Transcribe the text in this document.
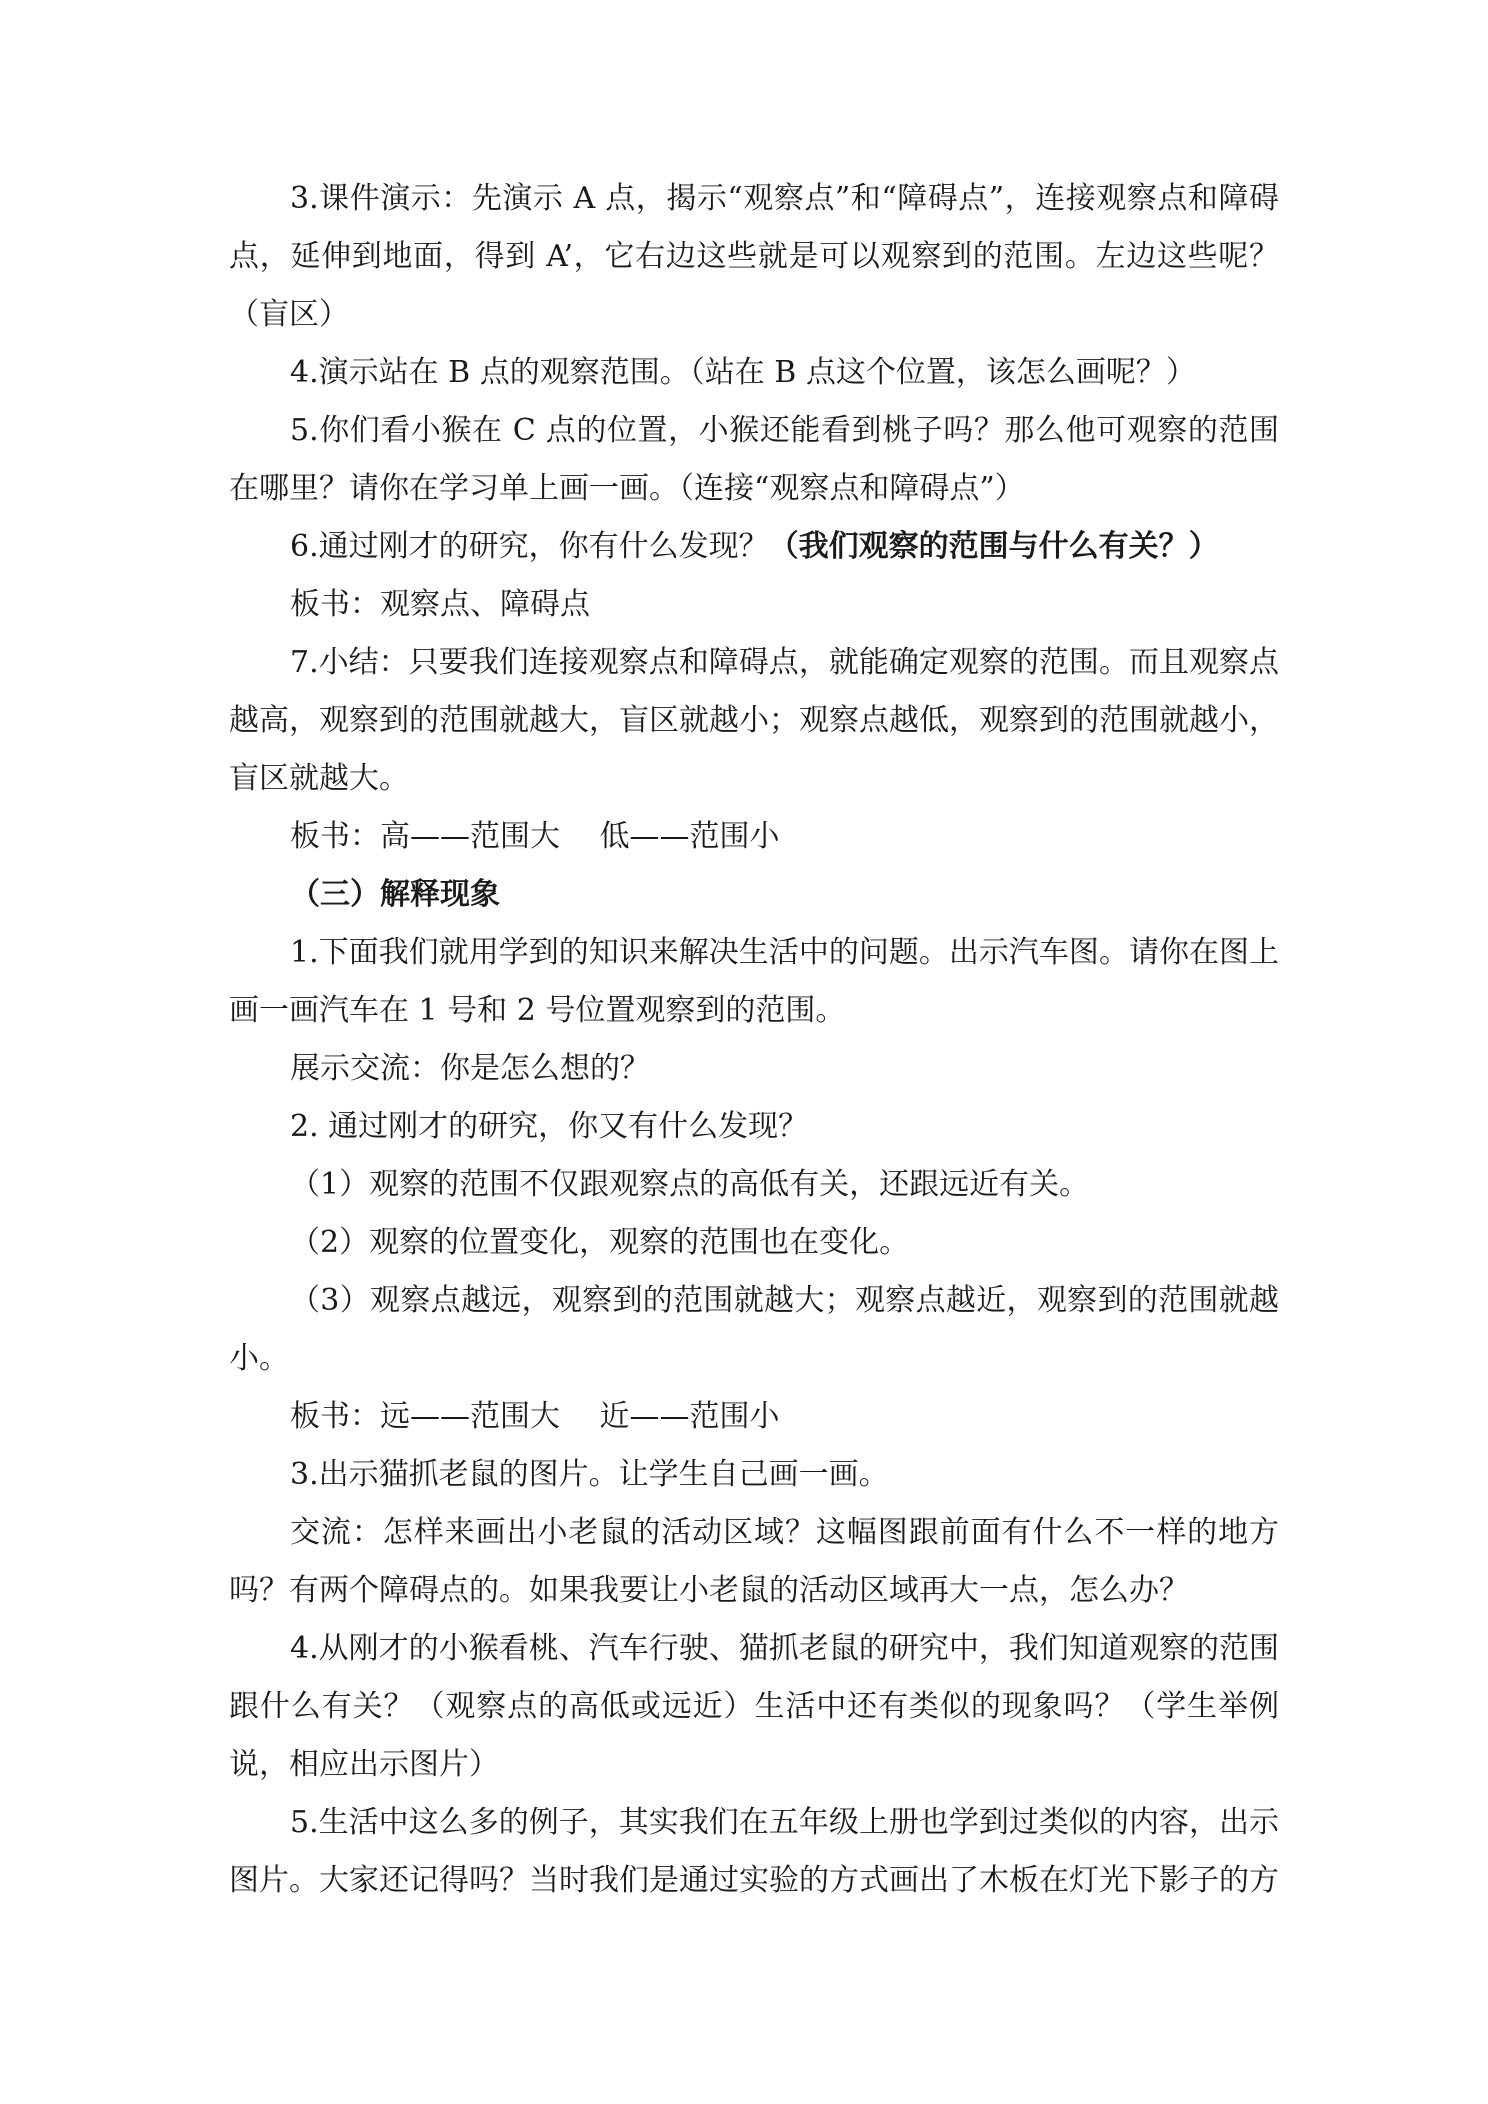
3.课件演示：先演示 A 点，揭示“观察点”和“障碍点”，连接观察点和障碍点，延伸到地面，得到 A’，它右边这些就是可以观察到的范围。左边这些呢？（盲区）

4.演示站在 B 点的观察范围。（站在 B 点这个位置，该怎么画呢？）

5.你们看小猴在 C 点的位置，小猴还能看到桃子吗？那么他可观察的范围在哪里？请你在学习单上画一画。（连接“观察点和障碍点”）

6.通过刚才的研究，你有什么发现？（我们观察的范围与什么有关？）

板书：观察点、障碍点

7.小结：只要我们连接观察点和障碍点，就能确定观察的范围。而且观察点越高，观察到的范围就越大，盲区就越小；观察点越低，观察到的范围就越小，盲区就越大。

板书：高——范围大　 低——范围小

（三）解释现象

1.下面我们就用学到的知识来解决生活中的问题。出示汽车图。请你在图上画一画汽车在 1 号和 2 号位置观察到的范围。

展示交流：你是怎么想的？

2. 通过刚才的研究，你又有什么发现？

（1）观察的范围不仅跟观察点的高低有关，还跟远近有关。

（2）观察的位置变化，观察的范围也在变化。

（3）观察点越远，观察到的范围就越大；观察点越近，观察到的范围就越小。

板书：远——范围大　 近——范围小

3.出示猫抓老鼠的图片。让学生自己画一画。

交流：怎样来画出小老鼠的活动区域？这幅图跟前面有什么不一样的地方吗？有两个障碍点的。如果我要让小老鼠的活动区域再大一点，怎么办？

4.从刚才的小猴看桃、汽车行驶、猫抓老鼠的研究中，我们知道观察的范围跟什么有关？（观察点的高低或远近）生活中还有类似的现象吗？（学生举例说，相应出示图片）

5.生活中这么多的例子，其实我们在五年级上册也学到过类似的内容，出示图片。大家还记得吗？当时我们是通过实验的方式画出了木板在灯光下影子的方
